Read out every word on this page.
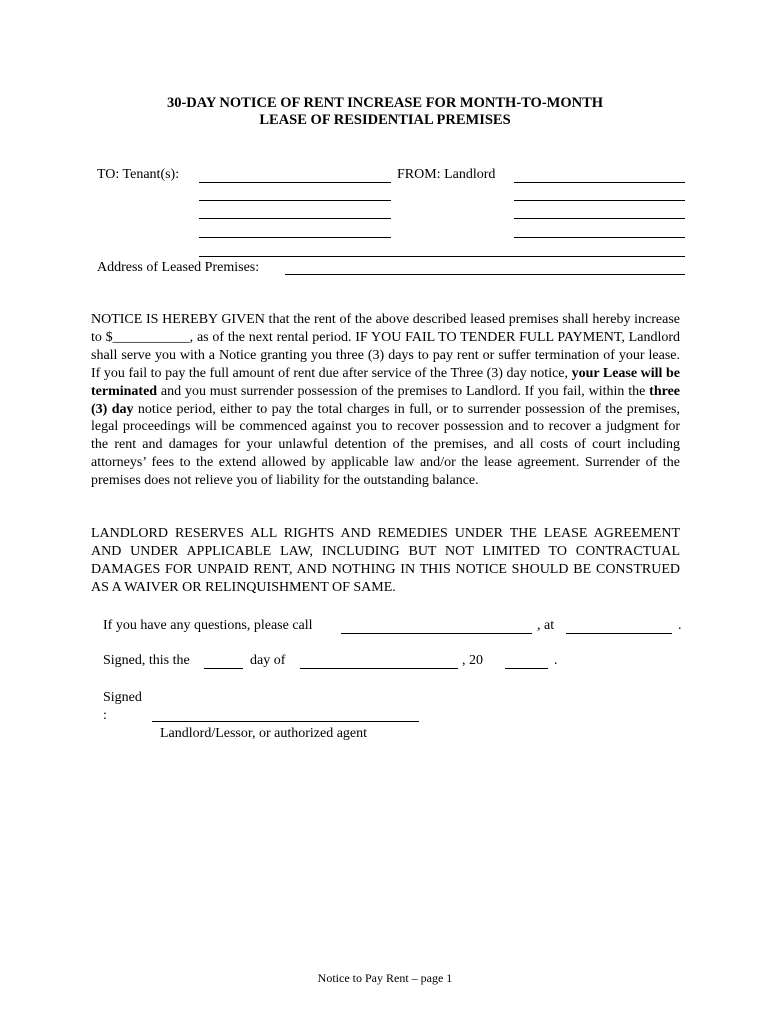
30-DAY NOTICE OF RENT INCREASE FOR MONTH-TO-MONTH
LEASE OF RESIDENTIAL PREMISES
TO: Tenant(s):	FROM: Landlord
Address of Leased Premises:
NOTICE IS HEREBY GIVEN that the rent of the above described leased premises shall hereby increase to $___________, as of the next rental period. IF YOU FAIL TO TENDER FULL PAYMENT, Landlord shall serve you with a Notice granting you three (3) days to pay rent or suffer termination of your lease. If you fail to pay the full amount of rent due after service of the Three (3) day notice, your Lease will be terminated and you must surrender possession of the premises to Landlord. If you fail, within the three (3) day notice period, either to pay the total charges in full, or to surrender possession of the premises, legal proceedings will be commenced against you to recover possession and to recover a judgment for the rent and damages for your unlawful detention of the premises, and all costs of court including attorneys’ fees to the extend allowed by applicable law and/or the lease agreement. Surrender of the premises does not relieve you of liability for the outstanding balance.
LANDLORD RESERVES ALL RIGHTS AND REMEDIES UNDER THE LEASE AGREEMENT AND UNDER APPLICABLE LAW, INCLUDING BUT NOT LIMITED TO CONTRACTUAL DAMAGES FOR UNPAID RENT, AND NOTHING IN THIS NOTICE SHOULD BE CONSTRUED AS A WAIVER OR RELINQUISHMENT OF SAME.
If you have any questions, please call	, at	.
Signed, this the	day of	, 20	.
Signed
:
Landlord/Lessor, or authorized agent
Notice to Pay Rent – page 1
